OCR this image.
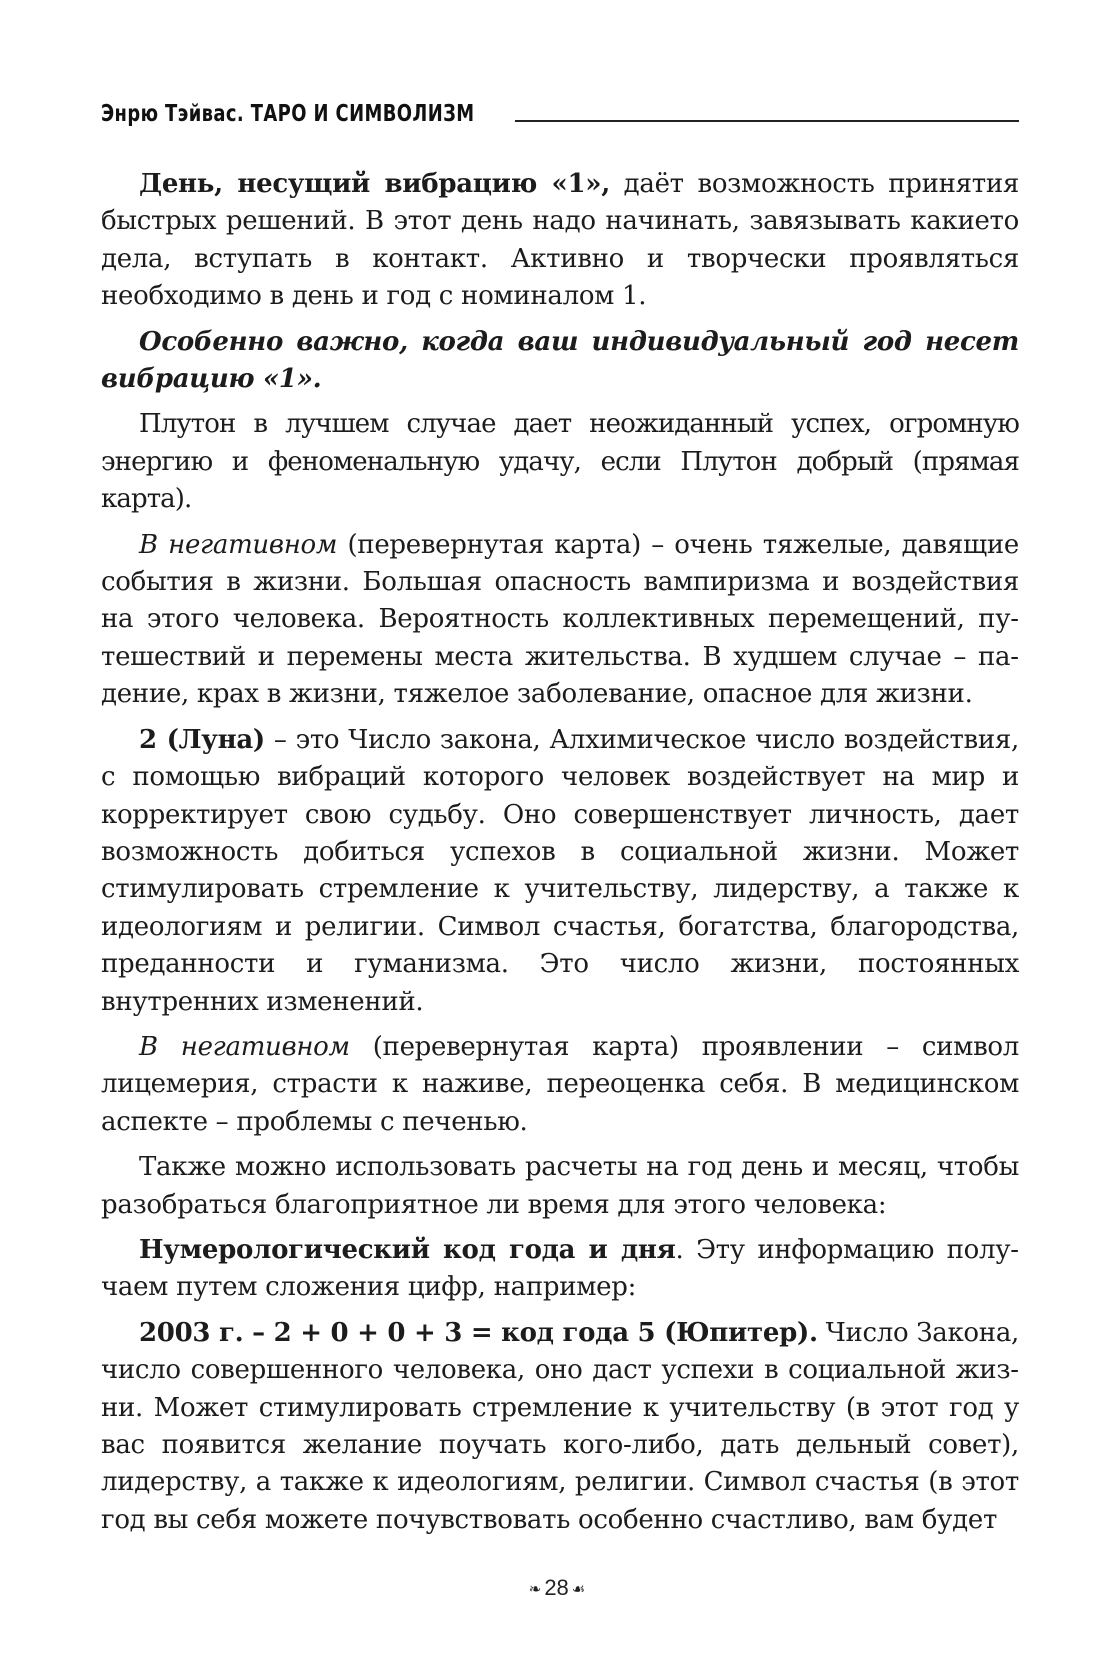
Энрю Тэйвас. ТАРО И СИМВОЛИЗМ

День, несущий вибрацию «1», даёт возможность принятия быстрых решений. В этот день надо начинать, завязывать какието дела, вступать в контакт. Активно и творчески проявляться необходимо в день и год с номиналом 1.

Особенно важно, когда ваш индивидуальный год несет вибрацию «1».

Плутон в лучшем случае дает неожиданный успех, огромную энергию и феноменальную удачу, если Плутон добрый (прямая карта).

В негативном (перевернутая карта) – очень тяжелые, давящие события в жизни. Большая опасность вампиризма и воздействия на этого человека. Вероятность коллективных перемещений, путешествий и перемены места жительства. В худшем случае – падение, крах в жизни, тяжелое заболевание, опасное для жизни.

2 (Луна) – это Число закона, Алхимическое число воздействия, с помощью вибраций которого человек воздействует на мир и корректирует свою судьбу. Оно совершенствует личность, дает возможность добиться успехов в социальной жизни. Может стимулировать стремление к учительству, лидерству, а также к идеологиям и религии. Символ счастья, богатства, благородства, преданности и гуманизма. Это число жизни, постоянных внутренних изменений.

В негативном (перевернутая карта) проявлении – символ лицемерия, страсти к наживе, переоценка себя. В медицинском аспекте – проблемы с печенью.

Также можно использовать расчеты на год день и месяц, чтобы разобраться благоприятное ли время для этого человека:

Нумерологический код года и дня. Эту информацию получаем путем сложения цифр, например:

2003 г. – 2 + 0 + 0 + 3 = код года 5 (Юпитер). Число Закона, число совершенного человека, оно даст успехи в социальной жизни. Может стимулировать стремление к учительству (в этот год у вас появится желание поучать кого-либо, дать дельный совет), лидерству, а также к идеологиям, религии. Символ счастья (в этот год вы себя можете почувствовать особенно счастливо, вам будет

❧ 28 ☙
